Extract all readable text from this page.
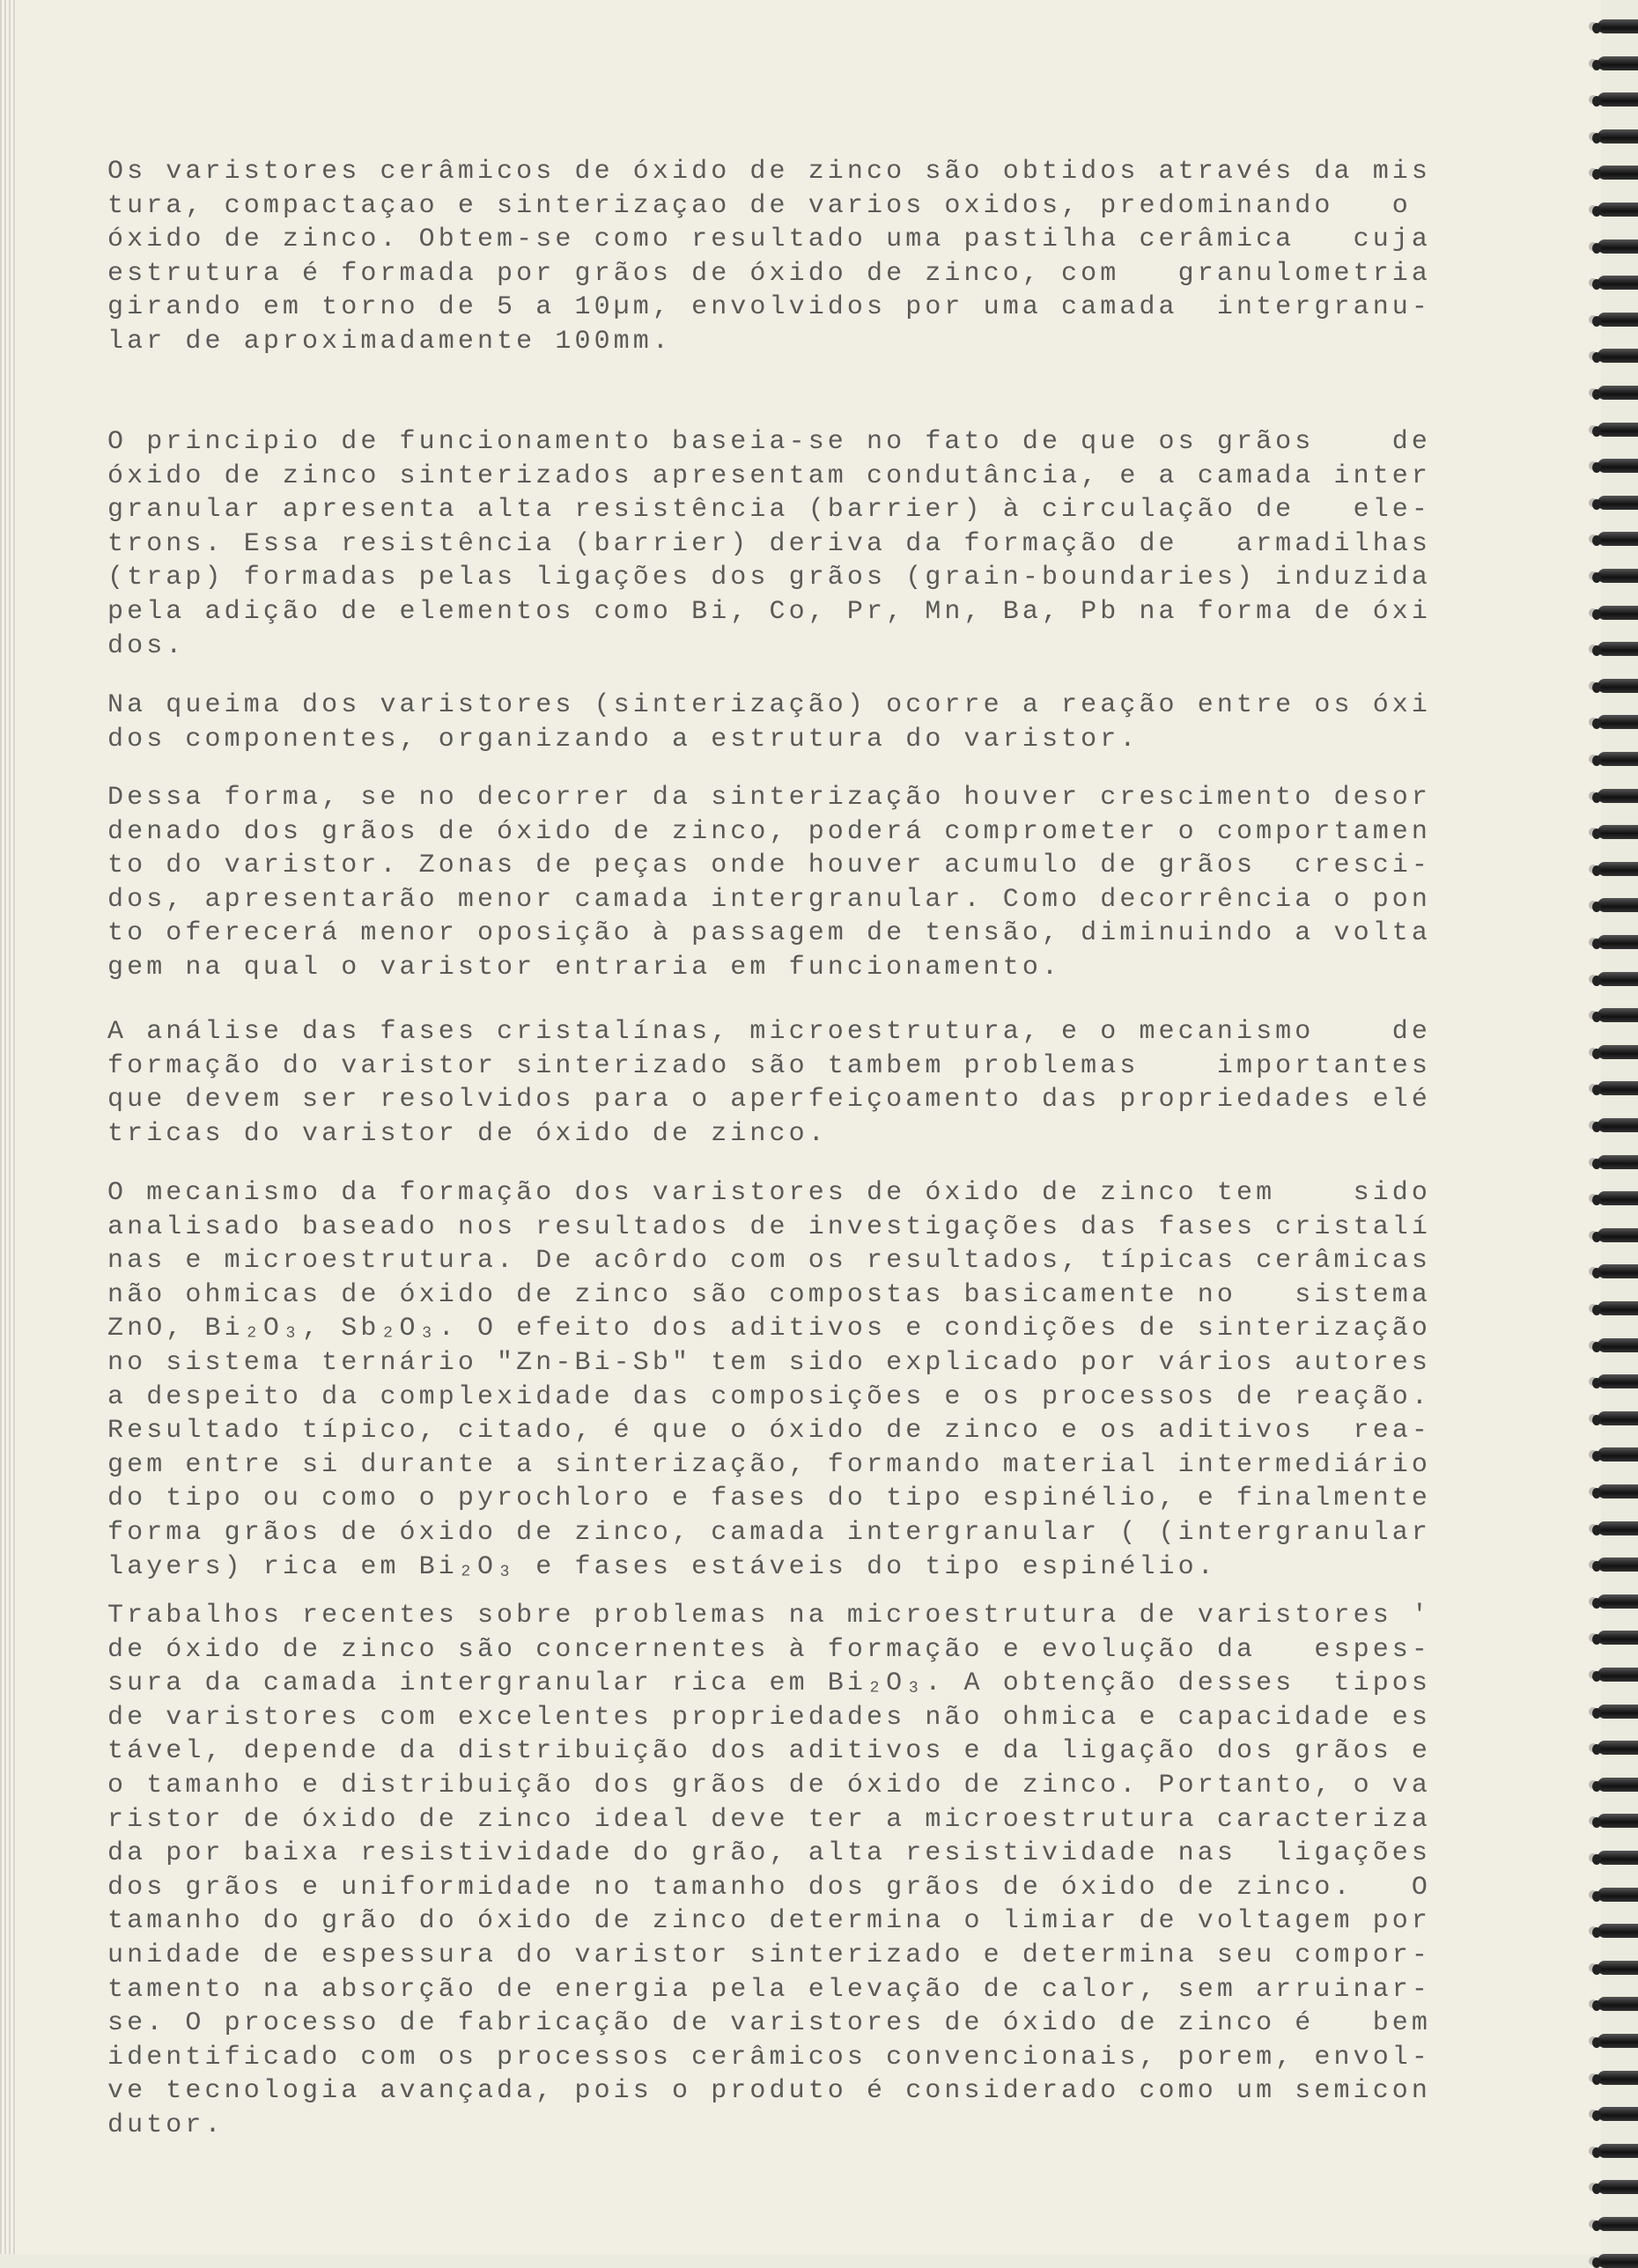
Os varistores cerâmicos de óxido de zinco são obtidos através da mis
tura, compactaçao e sinterizaçao de varios oxidos, predominando   o
óxido de zinco. Obtem-se como resultado uma pastilha cerâmica   cuja
estrutura é formada por grãos de óxido de zinco, com   granulometria
girando em torno de 5 a 10µm, envolvidos por uma camada  intergranu-
lar de aproximadamente 100mm.
O principio de funcionamento baseia-se no fato de que os grãos    de
óxido de zinco sinterizados apresentam condutância, e a camada inter
granular apresenta alta resistência (barrier) à circulação de   ele-
trons. Essa resistência (barrier) deriva da formação de   armadilhas
(trap) formadas pelas ligações dos grãos (grain-boundaries) induzida
pela adição de elementos como Bi, Co, Pr, Mn, Ba, Pb na forma de óxi
dos.
Na queima dos varistores (sinterização) ocorre a reação entre os óxi
dos componentes, organizando a estrutura do varistor.
Dessa forma, se no decorrer da sinterização houver crescimento desor
denado dos grãos de óxido de zinco, poderá comprometer o comportamen
to do varistor. Zonas de peças onde houver acumulo de grãos  cresci-
dos, apresentarão menor camada intergranular. Como decorrência o pon
to oferecerá menor oposição à passagem de tensão, diminuindo a volta
gem na qual o varistor entraria em funcionamento.
A análise das fases cristalínas, microestrutura, e o mecanismo    de
formação do varistor sinterizado são tambem problemas    importantes
que devem ser resolvidos para o aperfeiçoamento das propriedades elé
tricas do varistor de óxido de zinco.
O mecanismo da formação dos varistores de óxido de zinco tem    sido
analisado baseado nos resultados de investigações das fases cristalí
nas e microestrutura. De acôrdo com os resultados, típicas cerâmicas
não ohmicas de óxido de zinco são compostas basicamente no   sistema
ZnO, Bi₂O₃, Sb₂O₃. O efeito dos aditivos e condições de sinterização
no sistema ternário "Zn-Bi-Sb" tem sido explicado por vários autores
a despeito da complexidade das composições e os processos de reação.
Resultado típico, citado, é que o óxido de zinco e os aditivos  rea-
gem entre si durante a sinterização, formando material intermediário
do tipo ou como o pyrochloro e fases do tipo espinélio, e finalmente
forma grãos de óxido de zinco, camada intergranular ( (intergranular
layers) rica em Bi₂O₃ e fases estáveis do tipo espinélio.
Trabalhos recentes sobre problemas na microestrutura de varistores '
de óxido de zinco são concernentes à formação e evolução da   espes-
sura da camada intergranular rica em Bi₂O₃. A obtenção desses  tipos
de varistores com excelentes propriedades não ohmica e capacidade es
tável, depende da distribuição dos aditivos e da ligação dos grãos e
o tamanho e distribuição dos grãos de óxido de zinco. Portanto, o va
ristor de óxido de zinco ideal deve ter a microestrutura caracteriza
da por baixa resistividade do grão, alta resistividade nas  ligações
dos grãos e uniformidade no tamanho dos grãos de óxido de zinco.   O
tamanho do grão do óxido de zinco determina o limiar de voltagem por
unidade de espessura do varistor sinterizado e determina seu compor-
tamento na absorção de energia pela elevação de calor, sem arruinar-
se. O processo de fabricação de varistores de óxido de zinco é   bem
identificado com os processos cerâmicos convencionais, porem, envol-
ve tecnologia avançada, pois o produto é considerado como um semicon
dutor.
